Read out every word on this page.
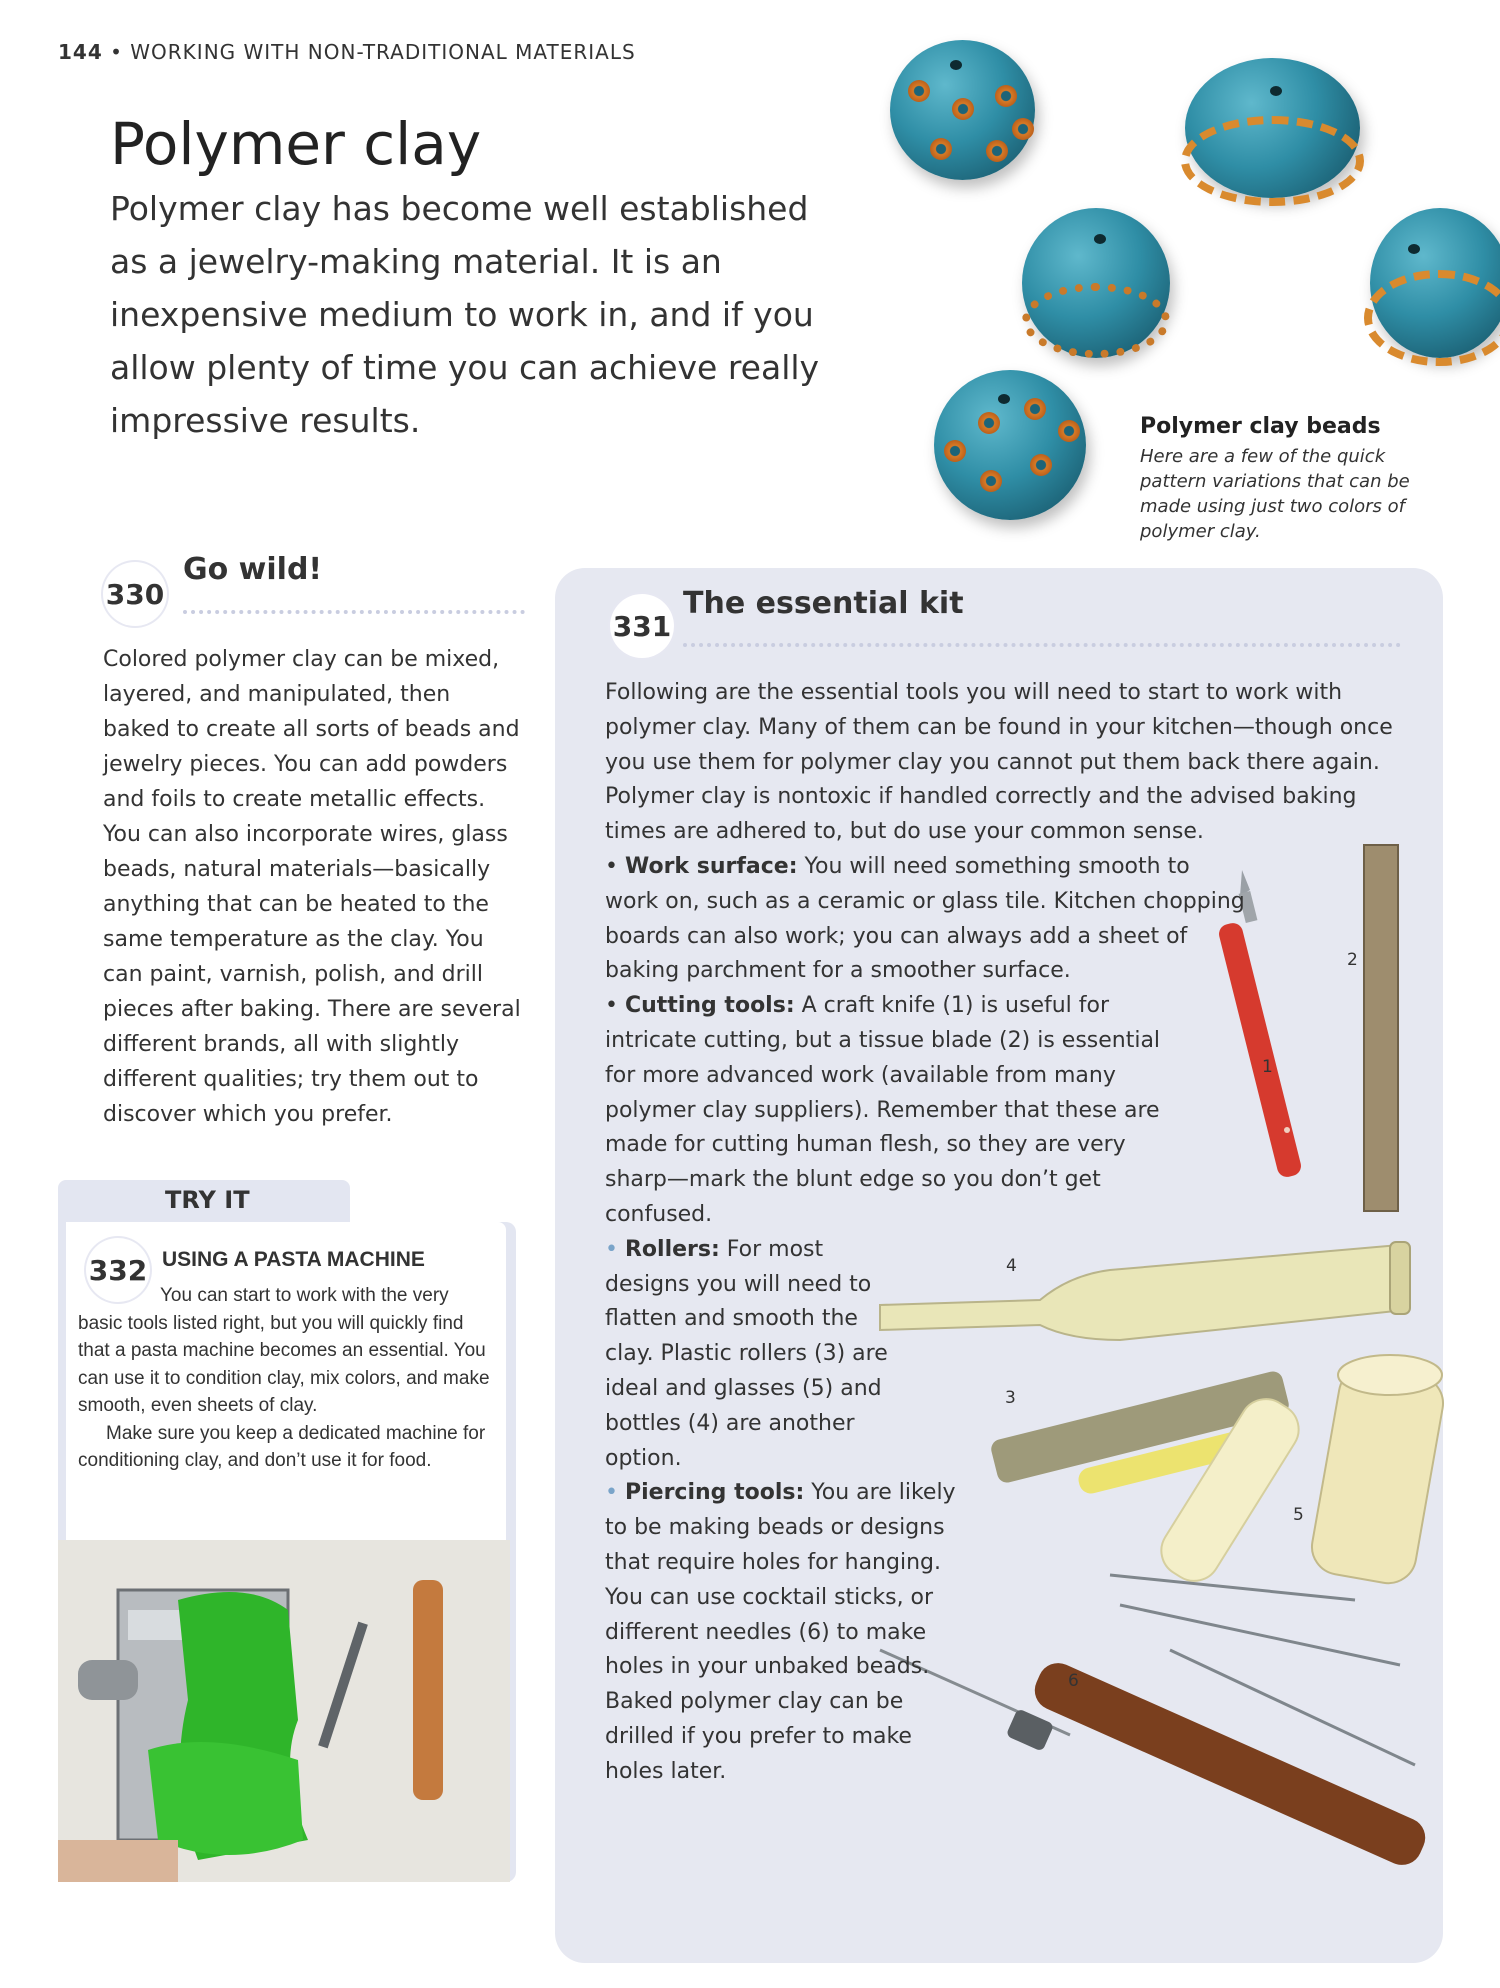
144 • WORKING WITH NON-TRADITIONAL MATERIALS
Polymer clay

Polymer clay has become well established as a jewelry-making material. It is an inexpensive medium to work in, and if you allow plenty of time you can achieve really impressive results.	Polymer clay beads
Here are a few of the quick pattern variations that can be made using just two colors of polymer clay.
330
Go wild!
Colored polymer clay can be mixed, layered, and manipulated, then baked to create all sorts of beads and jewelry pieces. You can add powders and foils to create metallic effects. You can also incorporate wires, glass beads, natural materials—basically anything that can be heated to the same temperature as the clay. You can paint, varnish, polish, and drill pieces after baking. There are several different brands, all with slightly different qualities; try them out to discover which you prefer.
331
The essential kit
1
2
3
4
5
6

Following are the essential tools you will need to start to work with polymer clay. Many of them can be found in your kitchen—though once you use them for polymer clay you cannot put them back there again. Polymer clay is nontoxic if handled correctly and the advised baking times are adhered to, but do use your common sense.

• Work surface: You will need something smooth to work on, such as a ceramic or glass tile. Kitchen chopping boards can also work; you can always add a sheet of baking parchment for a smoother surface.

• Cutting tools: A craft knife (1) is useful for intricate cutting, but a tissue blade (2) is essential for more advanced work (available from many polymer clay suppliers). Remember that these are made for cutting human flesh, so they are very sharp—mark the blunt edge so you don’t get confused.

• Rollers: For most designs you will need to flatten and smooth the clay. Plastic rollers (3) are ideal and glasses (5) and bottles (4) are another option.

• Piercing tools: You are likely to be making beads or designs that require holes for hanging. You can use cocktail sticks, or different needles (6) to make holes in your unbaked beads. Baked polymer clay can be drilled if you prefer to make holes later.

TRY IT
332 USING A PASTA MACHINE

You can start to work with the very basic tools listed right, but you will quickly find that a pasta machine becomes an essential. You can use it to condition clay, mix colors, and make smooth, even sheets of clay.

Make sure you keep a dedicated machine for conditioning clay, and don’t use it for food.
